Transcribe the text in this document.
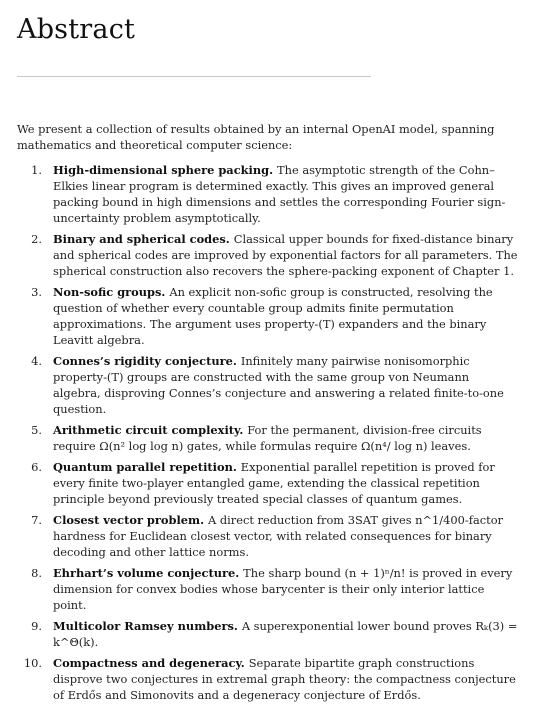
Abstract

We present a collection of results obtained by an internal OpenAI model, spanning mathematics and theoretical computer science:

1. High-dimensional sphere packing. The asymptotic strength of the Cohn–Elkies linear program is determined exactly. This gives an improved general packing bound in high dimensions and settles the corresponding Fourier sign-uncertainty problem asymptotically.
2. Binary and spherical codes. Classical upper bounds for fixed-distance binary and spherical codes are improved by exponential factors for all parameters. The spherical construction also recovers the sphere-packing exponent of Chapter 1.
3. Non-sofic groups. An explicit non-sofic group is constructed, resolving the question of whether every countable group admits finite permutation approximations. The argument uses property-(T) expanders and the binary Leavitt algebra.
4. Connes’s rigidity conjecture. Infinitely many pairwise nonisomorphic property-(T) groups are constructed with the same group von Neumann algebra, disproving Connes’s conjecture and answering a related finite-to-one question.
5. Arithmetic circuit complexity. For the permanent, division-free circuits require Ω(n² log log n) gates, while formulas require Ω(n⁴/ log n) leaves.
6. Quantum parallel repetition. Exponential parallel repetition is proved for every finite two-player entangled game, extending the classical repetition principle beyond previously treated special classes of quantum games.
7. Closest vector problem. A direct reduction from 3SAT gives n^1/400-factor hardness for Euclidean closest vector, with related consequences for binary decoding and other lattice norms.
8. Ehrhart’s volume conjecture. The sharp bound (n + 1)ⁿ/n! is proved in every dimension for convex bodies whose barycenter is their only interior lattice point.
9. Multicolor Ramsey numbers. A superexponential lower bound proves Rₖ(3) = k^Θ(k).
10. Compactness and degeneracy. Separate bipartite graph constructions disprove two conjectures in extremal graph theory: the compactness conjecture of Erdős and Simonovits and a degeneracy conjecture of Erdős.
